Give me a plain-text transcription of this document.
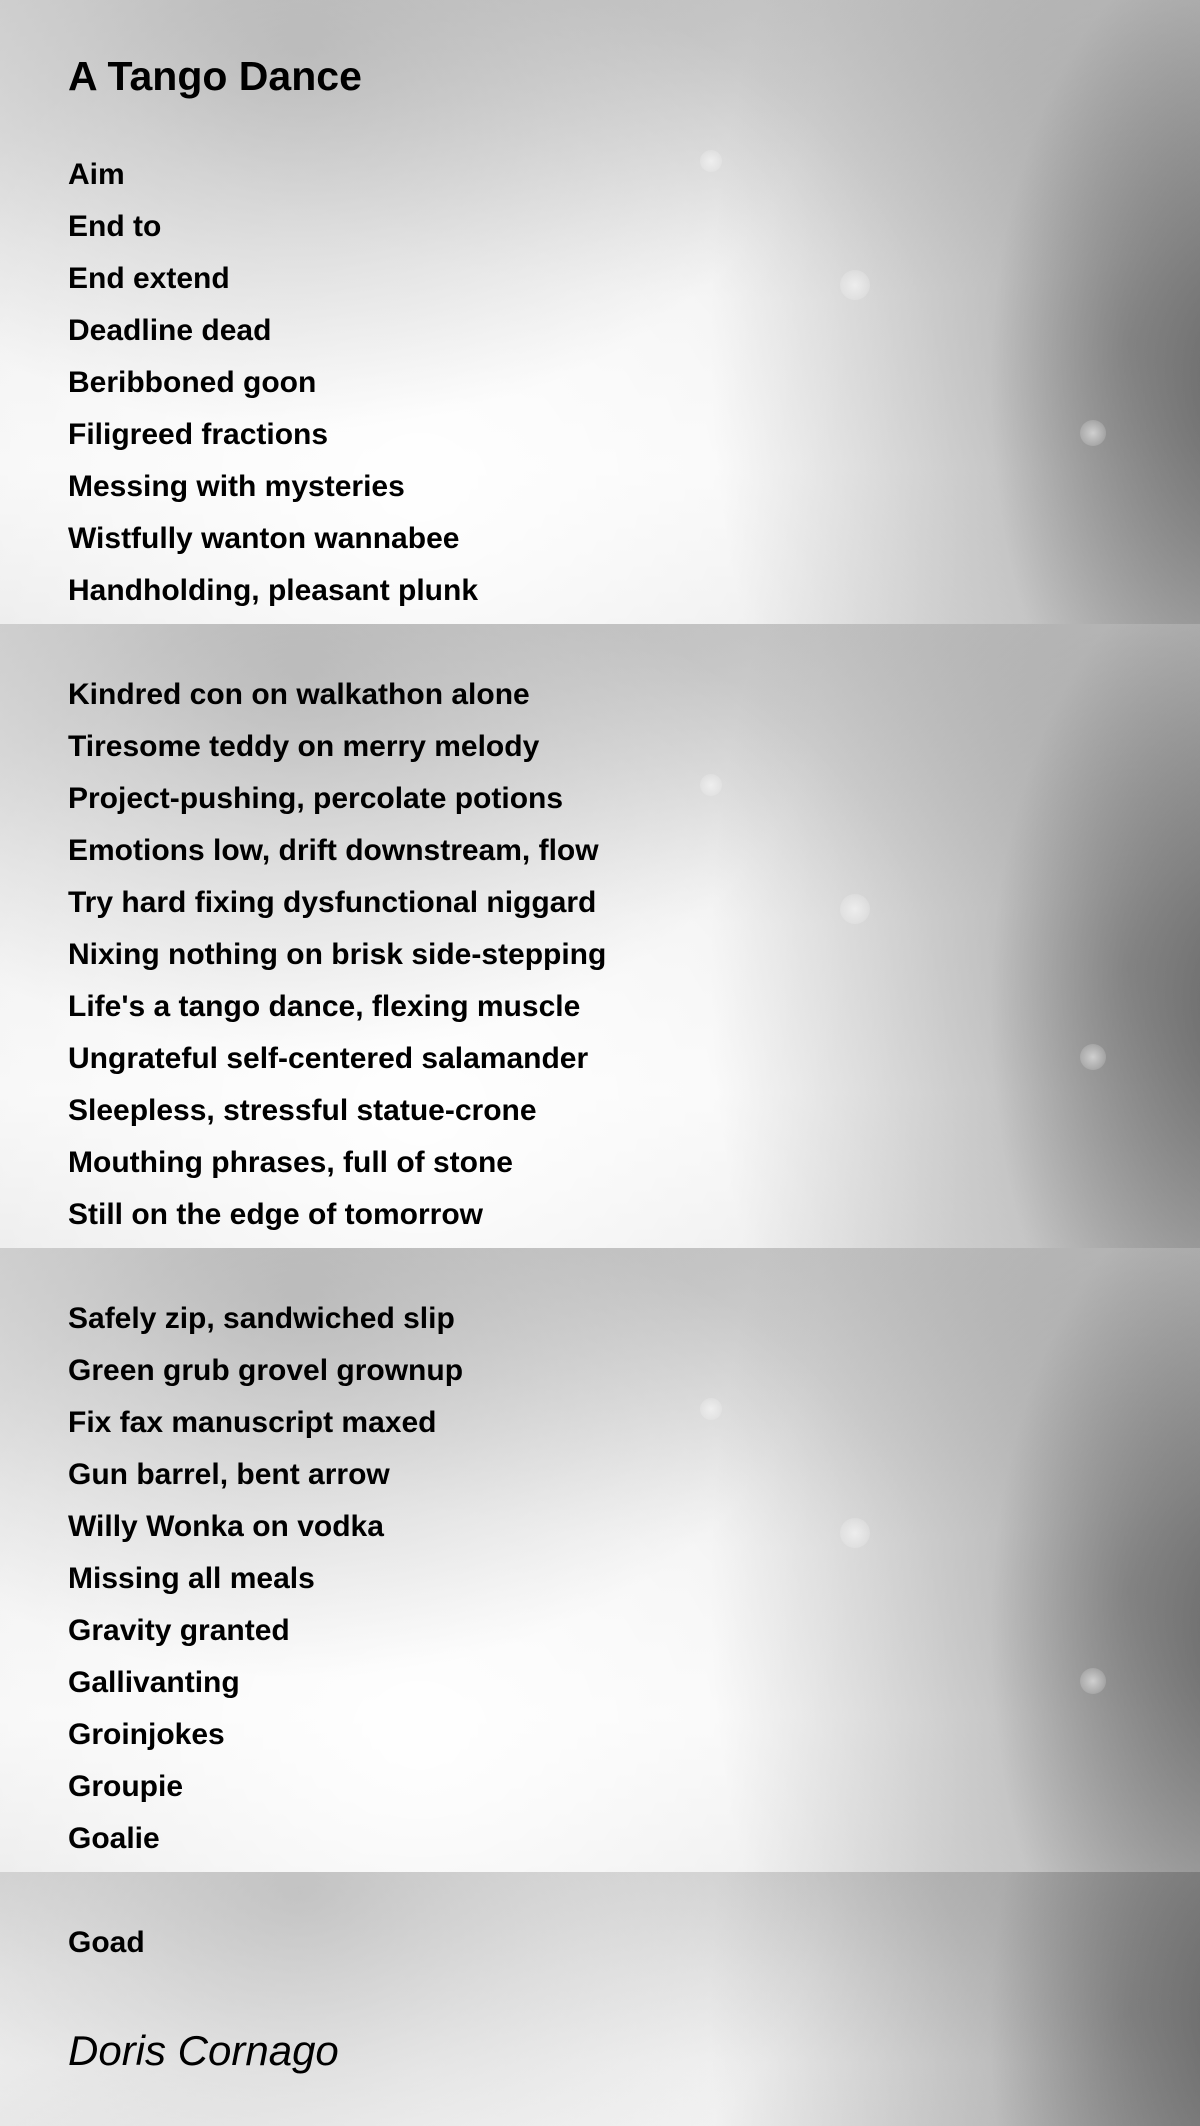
A Tango Dance
Aim
End to
End extend
Deadline dead
Beribboned goon
Filigreed fractions
Messing with mysteries
Wistfully wanton wannabee
Handholding, pleasant plunk
Kindred con on walkathon alone
Tiresome teddy on merry melody
Project-pushing, percolate potions
Emotions low, drift downstream, flow
Try hard fixing dysfunctional niggard
Nixing nothing on brisk side-stepping
Life's a tango dance, flexing muscle
Ungrateful self-centered salamander
Sleepless, stressful statue-crone
Mouthing phrases, full of stone
Still on the edge of tomorrow
Safely zip, sandwiched slip
Green grub grovel grownup
Fix fax manuscript maxed
Gun barrel, bent arrow
Willy Wonka on vodka
Missing all meals
Gravity granted
Gallivanting
Groinjokes
Groupie
Goalie
Goad

Doris Cornago
